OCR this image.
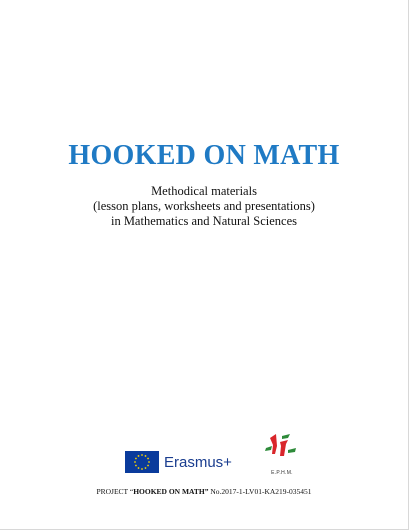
HOOKED ON MATH
Methodical materials
(lesson plans, worksheets and presentations)
in Mathematics and Natural Sciences
Erasmus+
E.P.H.M.
PROJECT “HOOKED ON MATH” No.2017-1-LV01-KA219-035451
